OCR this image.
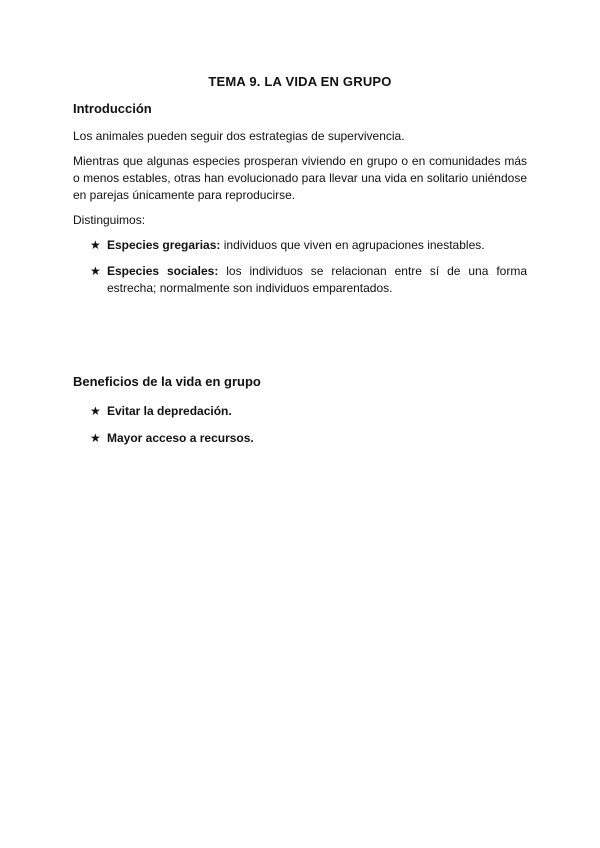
TEMA 9. LA VIDA EN GRUPO
Introducción

Los animales pueden seguir dos estrategias de supervivencia.

Mientras que algunas especies prosperan viviendo en grupo o en comunidades más o menos estables, otras han evolucionado para llevar una vida en solitario uniéndose en parejas únicamente para reproducirse.

Distinguimos:

★ Especies gregarias: individuos que viven en agrupaciones inestables.
★ Especies sociales: los individuos se relacionan entre sí de una forma estrecha; normalmente son individuos emparentados.
Beneficios de la vida en grupo
★ Evitar la depredación.
★ Mayor acceso a recursos.
